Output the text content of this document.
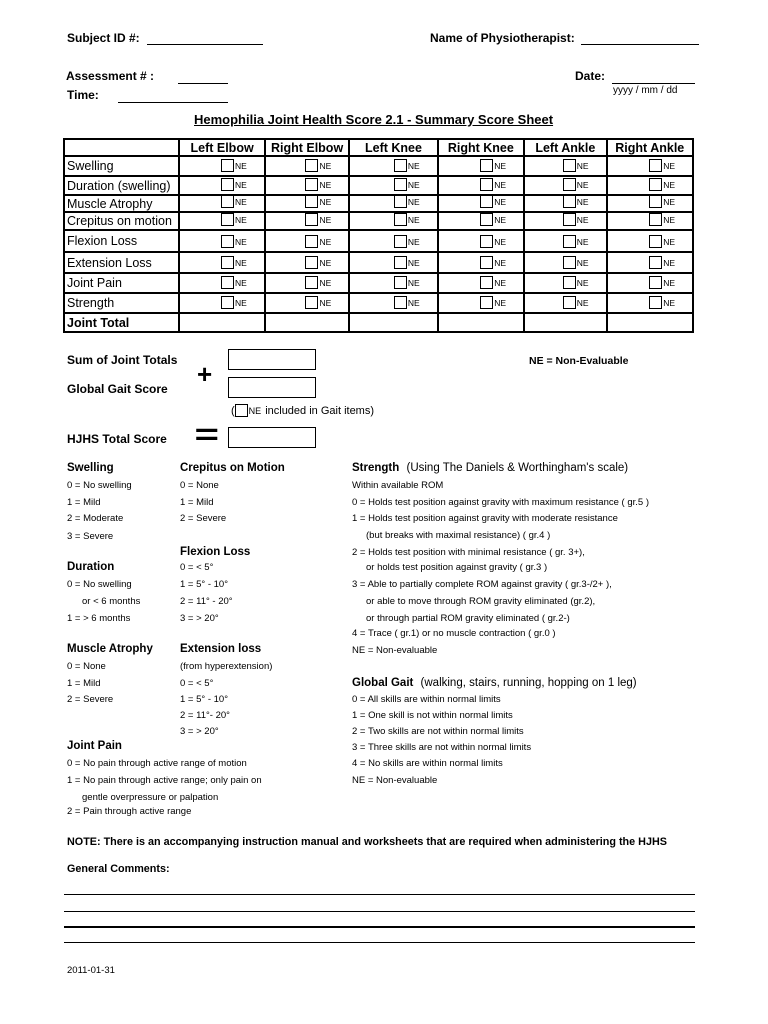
Subject ID #:	Name of Physiotherapist:
Assessment # :	Date:
yyyy / mm / dd
Time:
Hemophilia Joint Health Score 2.1 - Summary Score Sheet
	Left Elbow	Right Elbow	Left Knee	Right Knee	Left Ankle	Right Ankle
Swelling	NE	NE	NE	NE	NE	NE

Duration (swelling)	NE	NE	NE	NE	NE	NE

Muscle Atrophy	NE	NE	NE	NE	NE	NE

Crepitus on motion	NE	NE	NE	NE	NE	NE

Flexion Loss	NE	NE	NE	NE	NE	NE

Extension Loss	NE	NE	NE	NE	NE	NE

Joint Pain	NE	NE	NE	NE	NE	NE

Strength	NE	NE	NE	NE	NE	NE

Joint Total						
Sum of Joint Totals +	NE = Non-Evaluable
Global Gait Score
( NE included in Gait items)
HJHS Total Score =
Swelling
0 = No swelling
1 = Mild
2 = Moderate
3 = Severe
Duration
0 = No swelling
or < 6 months
1 = > 6 months
Muscle Atrophy
0 = None
1 = Mild
2 = Severe
Joint Pain
0 = No pain through active range of motion
1 = No pain through active range; only pain on
gentle overpressure or palpation
2 = Pain through active range
Crepitus on Motion
0 = None
1 = Mild
2 = Severe
Flexion Loss
0 = < 5°
1 = 5° - 10°
2 = 11° - 20°
3 = > 20°
Extension loss
(from hyperextension)
0 = < 5°
1 = 5° - 10°
2 = 11°- 20°
3 = > 20°
Strength (Using The Daniels & Worthingham's scale)
Within available ROM
0 = Holds test position against gravity with maximum resistance ( gr.5 )
1 = Holds test position against gravity with moderate resistance
(but breaks with maximal resistance) ( gr.4 )
2 = Holds test position with minimal resistance ( gr. 3+),
or holds test position against gravity ( gr.3 )
3 = Able to partially complete ROM against gravity ( gr.3-/2+ ),
or able to move through ROM gravity eliminated (gr.2),
or through partial ROM gravity eliminated ( gr.2-)
4 = Trace ( gr.1) or no muscle contraction ( gr.0 )
NE = Non-evaluable
Global Gait (walking, stairs, running, hopping on 1 leg)
0 = All skills are within normal limits
1 = One skill is not within normal limits
2 = Two skills are not within normal limits
3 = Three skills are not within normal limits
4 = No skills are within normal limits
NE = Non-evaluable
NOTE: There is an accompanying instruction manual and worksheets that are required when administering the HJHS
General Comments:
2011-01-31
